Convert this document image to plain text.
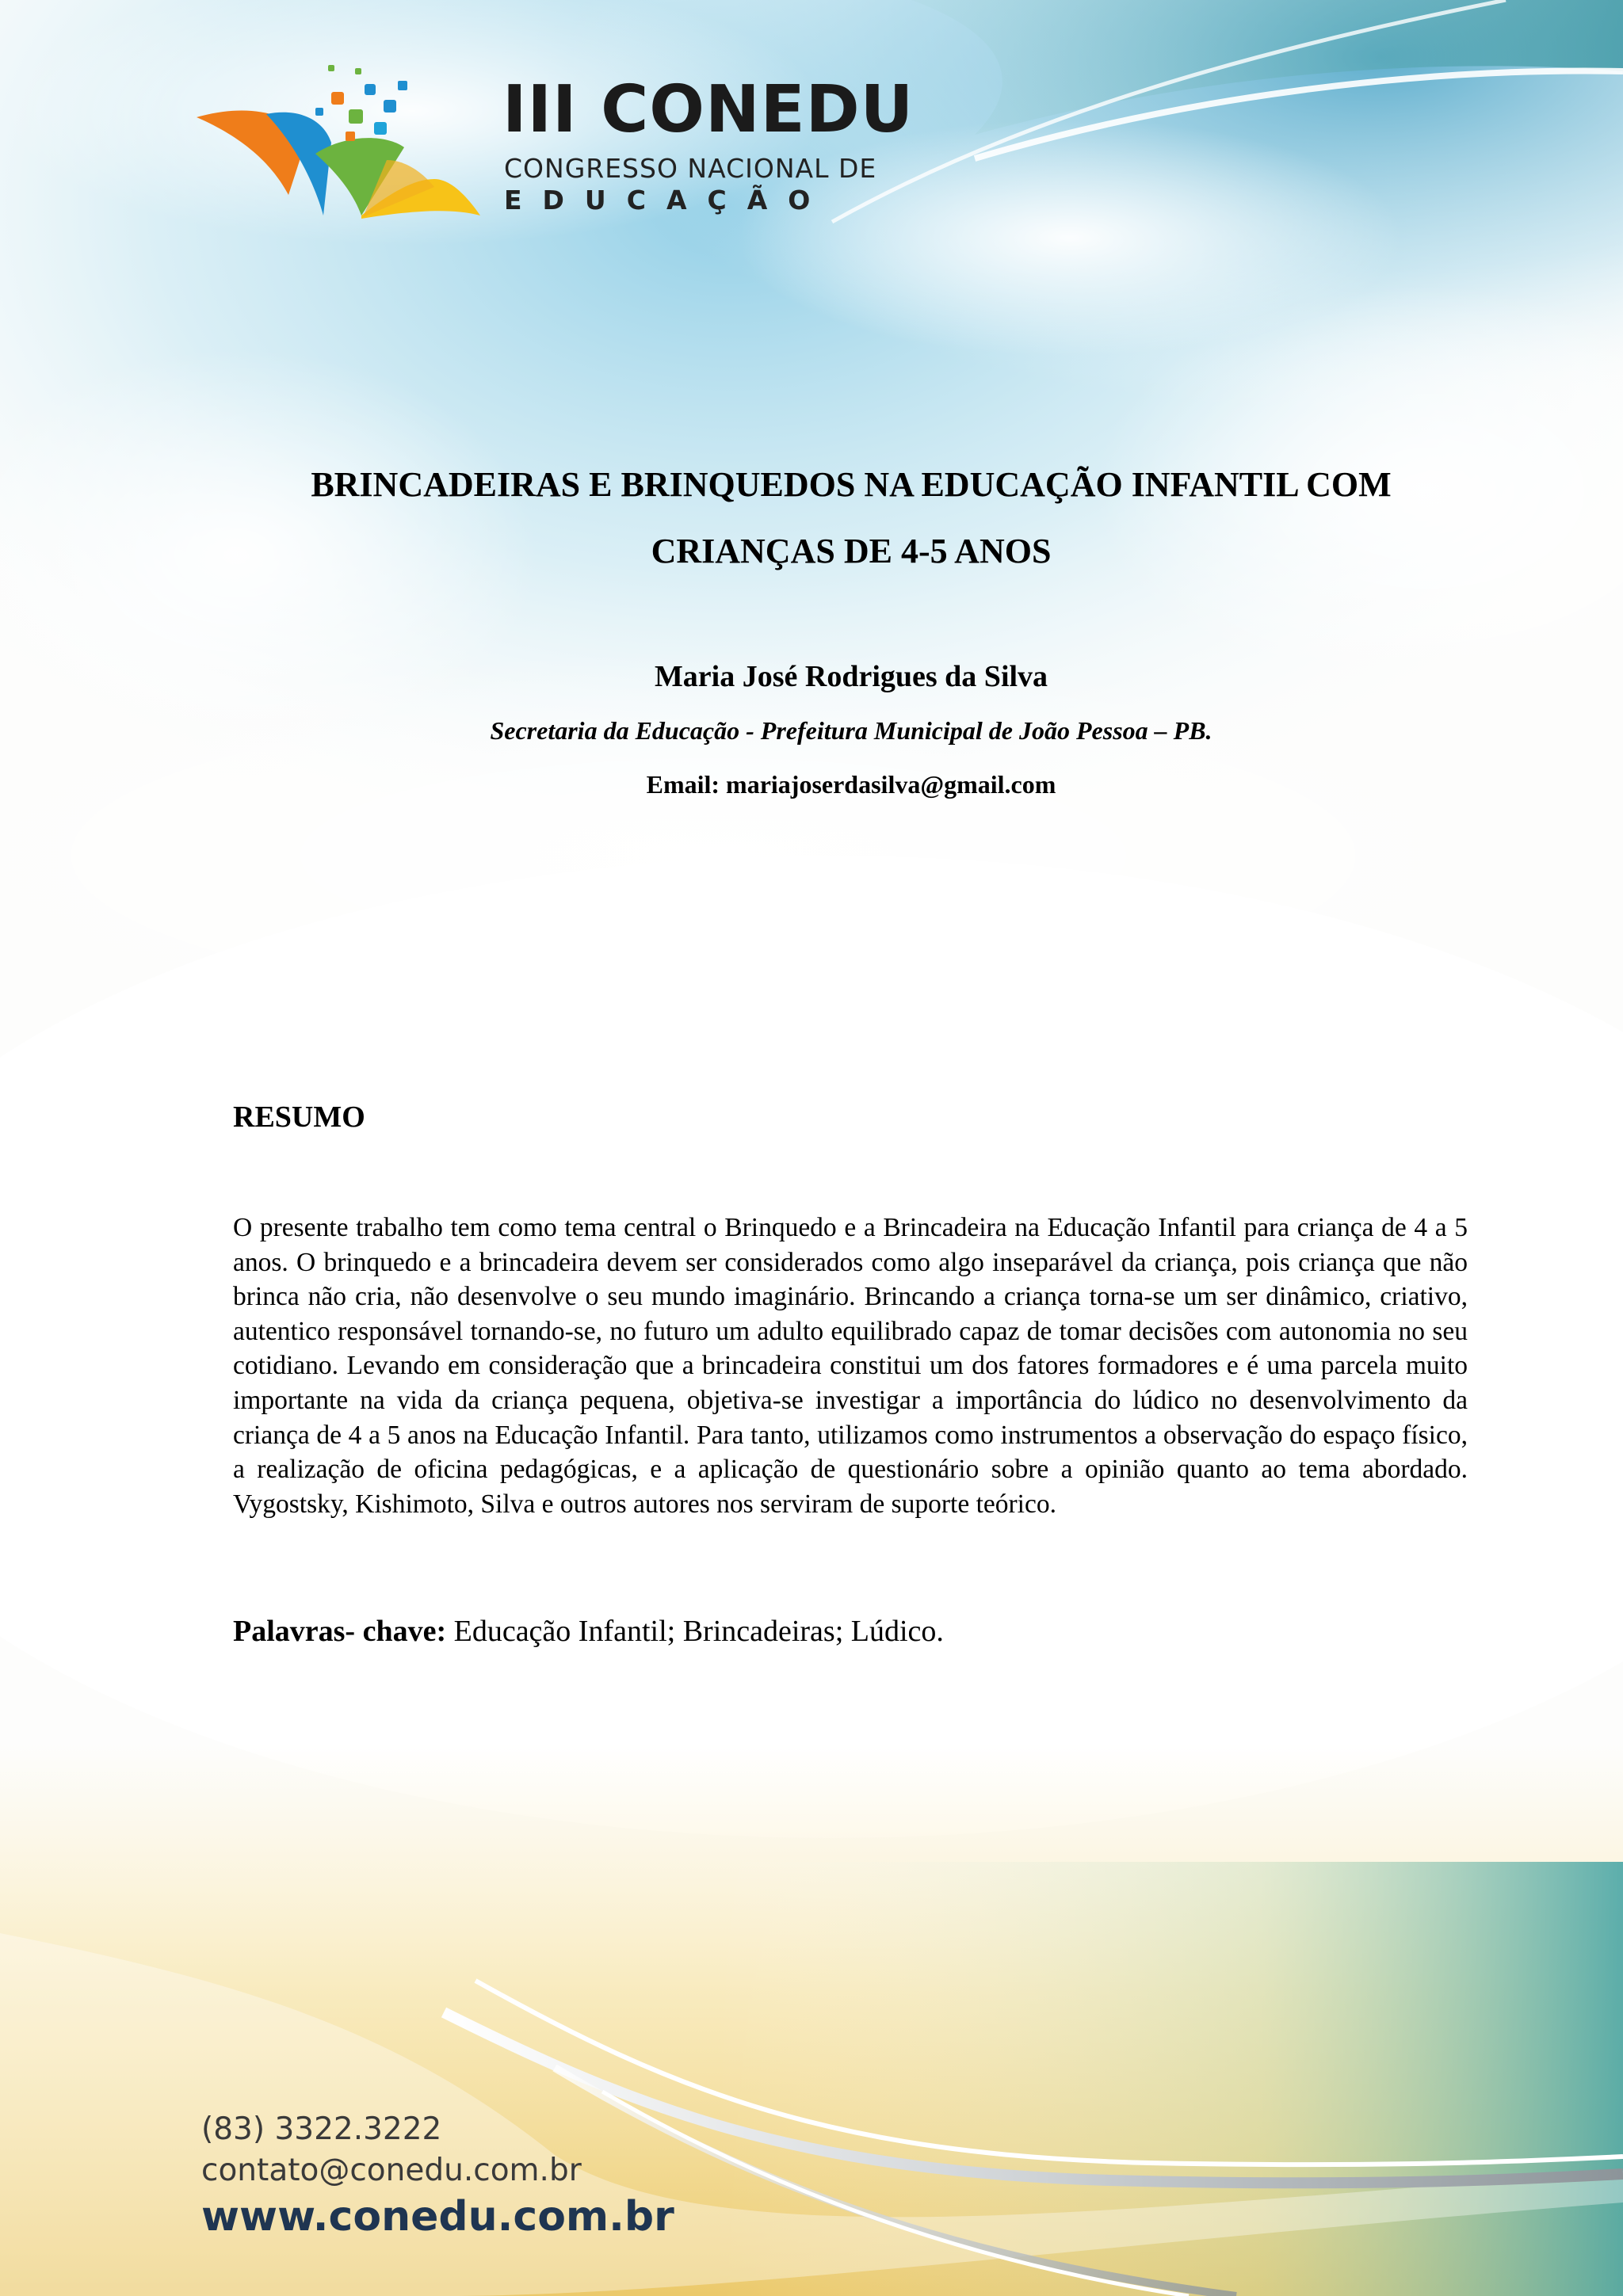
III CONEDU
CONGRESSO NACIONAL DE
EDUCAÇÃO
BRINCADEIRAS E BRINQUEDOS NA EDUCAÇÃO INFANTIL COM CRIANÇAS DE 4-5 ANOS
Maria José Rodrigues da Silva
Secretaria da Educação - Prefeitura Municipal de João Pessoa – PB.
Email: mariajoserdasilva@gmail.com
RESUMO

O presente trabalho tem como tema central o Brinquedo e a Brincadeira na Educação Infantil para criança de 4 a 5 anos. O brinquedo e a brincadeira devem ser considerados como algo inseparável da criança, pois criança que não brinca não cria, não desenvolve o seu mundo imaginário. Brincando a criança torna-se um ser dinâmico, criativo, autentico responsável tornando-se, no futuro um adulto equilibrado capaz de tomar decisões com autonomia no seu cotidiano. Levando em consideração que a brincadeira constitui um dos fatores formadores e é uma parcela muito importante na vida da criança pequena, objetiva-se investigar a importância do lúdico no desenvolvimento da criança de 4 a 5 anos na Educação Infantil. Para tanto, utilizamos como instrumentos a observação do espaço físico, a realização de oficina pedagógicas, e a aplicação de questionário sobre a opinião quanto ao tema abordado. Vygostsky, Kishimoto, Silva e outros autores nos serviram de suporte teórico.

Palavras- chave: Educação Infantil; Brincadeiras; Lúdico.
(83) 3322.3222
contato@conedu.com.br
www.conedu.com.br
